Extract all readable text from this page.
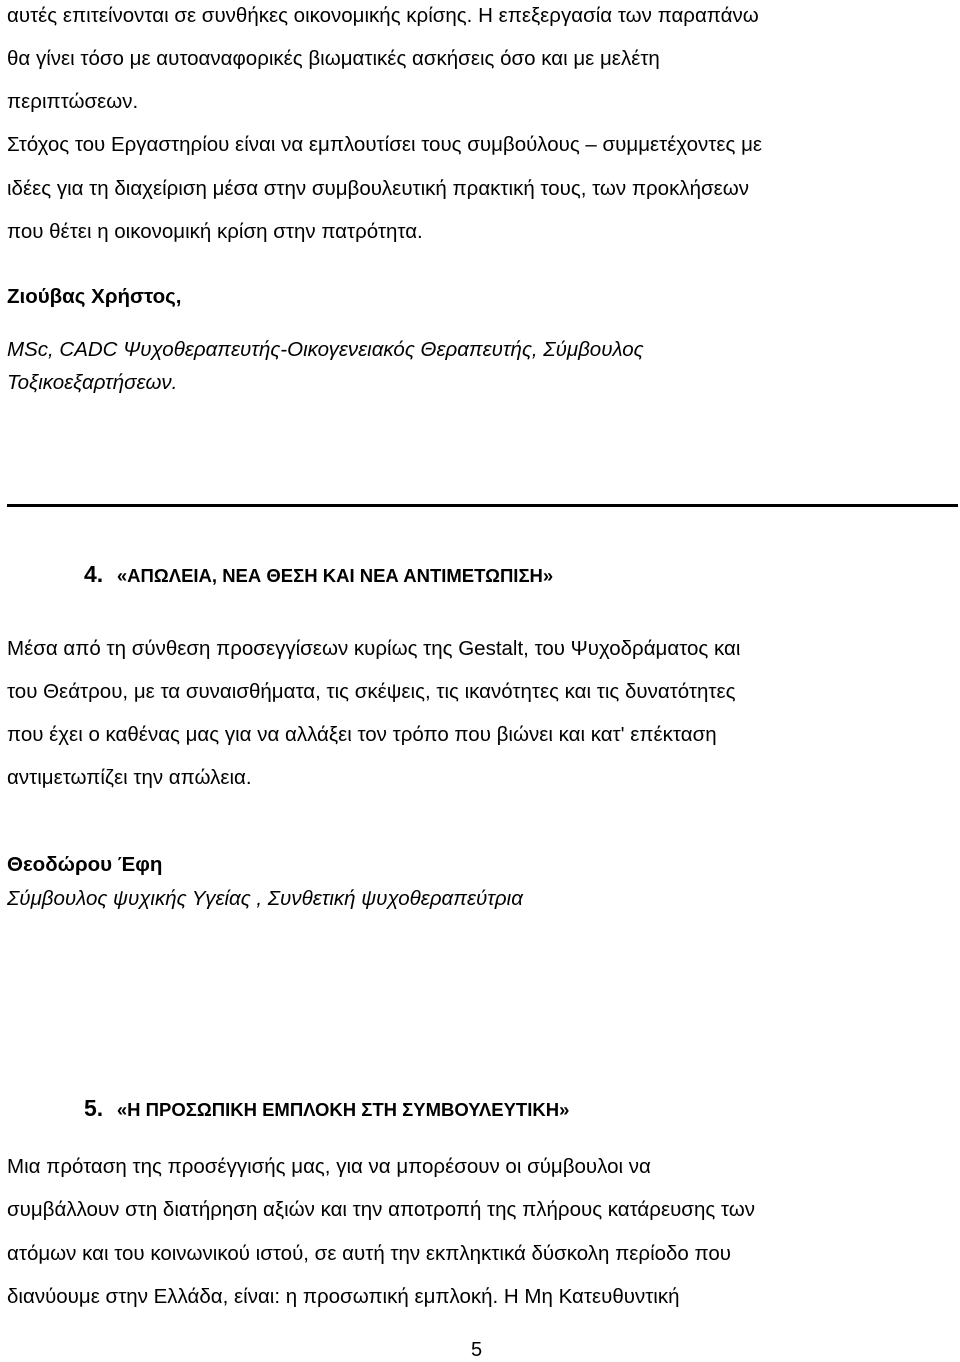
αυτές επιτείνονται σε συνθήκες οικονομικής κρίσης. Η επεξεργασία των παραπάνω
θα γίνει τόσο με αυτοαναφορικές βιωματικές ασκήσεις όσο και με μελέτη
περιπτώσεων.
Στόχος του Εργαστηρίου είναι να εμπλουτίσει τους συμβούλους – συμμετέχοντες με
ιδέες για τη διαχείριση μέσα στην συμβουλευτική πρακτική τους, των προκλήσεων
που θέτει η οικονομική κρίση στην πατρότητα.
Ζιούβας Χρήστος,
MSc, CADC Ψυχοθεραπευτής-Οικογενειακός Θεραπευτής, Σύμβουλος
Τοξικοεξαρτήσεων.
4. «ΑΠΩΛΕΙΑ, ΝΕΑ ΘΕΣΗ ΚΑΙ ΝΕΑ ΑΝΤΙΜΕΤΩΠΙΣΗ»
Μέσα από τη σύνθεση προσεγγίσεων κυρίως της Gestalt, του Ψυχοδράματος και
του Θεάτρου, με τα συναισθήματα, τις σκέψεις, τις ικανότητες και τις δυνατότητες
που έχει ο καθένας μας για να αλλάξει τον τρόπο που βιώνει και κατ' επέκταση
αντιμετωπίζει την απώλεια.
Θεοδώρου Έφη
Σύμβουλος ψυχικής Υγείας , Συνθετική ψυχοθεραπεύτρια
5. «Η ΠΡΟΣΩΠΙΚΗ ΕΜΠΛΟΚΗ ΣΤΗ ΣΥΜΒΟΥΛΕΥΤΙΚΗ»
Μια πρόταση της προσέγγισής μας, για να μπορέσουν οι σύμβουλοι να
συμβάλλουν στη διατήρηση αξιών και την αποτροπή της πλήρους κατάρευσης των
ατόμων και του κοινωνικού ιστού, σε αυτή την εκπληκτικά δύσκολη περίοδο που
διανύουμε στην Ελλάδα, είναι: η προσωπική εμπλοκή. Η Μη Κατευθυντική
5
